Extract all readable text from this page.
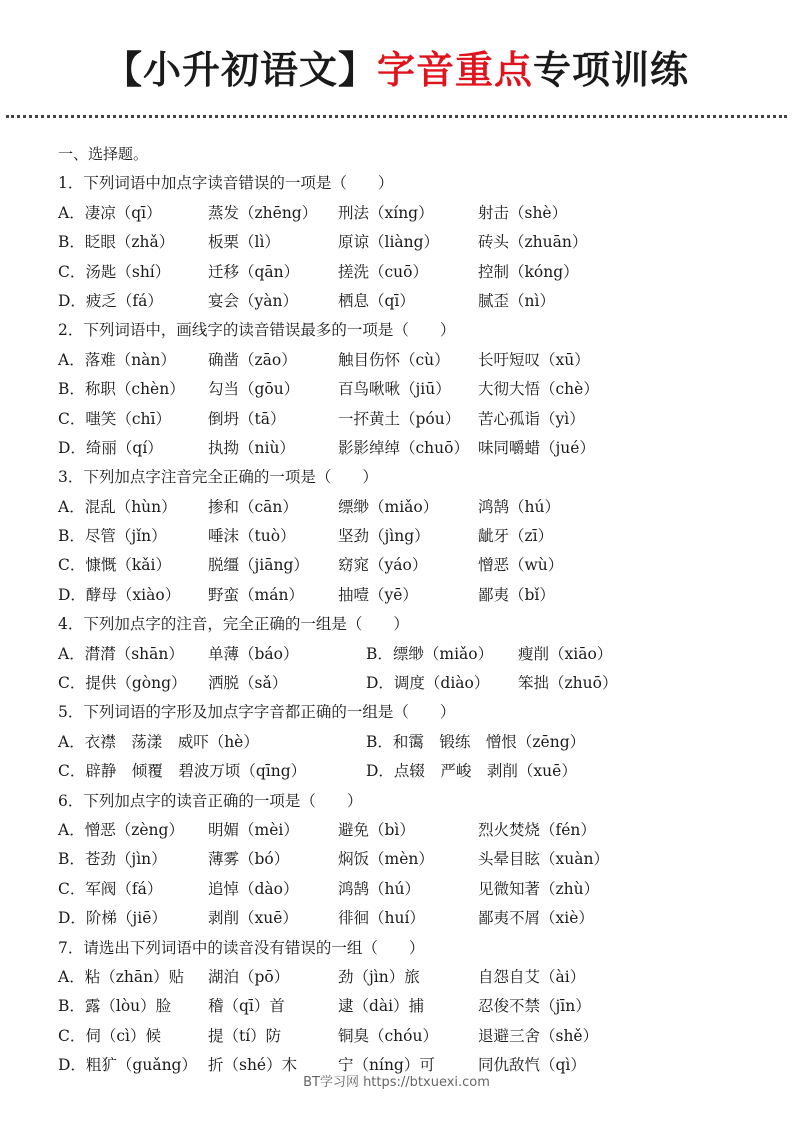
【小升初语文】字音重点专项训练
一、选择题。
1．下列词语中加点字读音错误的一项是（　　）
A．凄凉（qī）	蒸发（zhēng） 刑法（xíng）	射击（shè）
B．眨眼（zhǎ） 板栗（lì）	原谅（liàng）	砖头（zhuān）
C．汤匙（shí） 迁移（qān）	搓洗（cuō）	控制（kóng）
D．疲乏（fá）	宴会（yàn）	栖息（qī）	腻歪（nì）
2．下列词语中，画线字的读音错误最多的一项是（　　）
A．落难（nàn） 确凿（zāo）	触目伤怀（cù） 长吁短叹（xū）
B．称职（chèn） 勾当（gōu）	百鸟啾啾（jiū） 大彻大悟（chè）
C．嗤笑（chī） 倒坍（tā）	一抔黄土（póu） 苦心孤诣（yì）
D．绮丽（qí）	执拗（niù）	影影绰绰（chuō） 味同嚼蜡（jué）
3．下列加点字注音完全正确的一项是（　　）
A．混乱（hùn） 掺和（cān）	缥缈（miǎo）	鸿鹄（hú）
B．尽管（jǐn）	唾沫（tuò）	坚劲（jìng）	龇牙（zī）
C．慷慨（kǎi） 脱缰（jiāng） 窈窕（yáo）	憎恶（wù）
D．酵母（xiào） 野蛮（mán） 抽噎（yē）	鄙夷（bǐ）
4．下列加点字的注音，完全正确的一组是（　　）
A．潸潸（shān） 单薄（báo）	B．缥缈（miǎo） 瘦削（xiāo）
C．提供（gòng） 洒脱（sǎ）	D．调度（diào） 笨拙（zhuō）
5．下列词语的字形及加点字字音都正确的一组是（　　）
A．衣襟　荡漾　威吓（hè）	B．和霭　锻练　憎恨（zēng）
C．辟静　倾覆　碧波万顷（qīng）	D．点辍　严峻　剥削（xuē）
6．下列加点字的读音正确的一项是（　　）
A．憎恶（zèng） 明媚（mèi）	避免（bì）	烈火焚烧（fén）
B．苍劲（jìn）	薄雾（bó）	焖饭（mèn）	头晕目眩（xuàn）
C．军阀（fá）	追悼（dào）	鸿鹄（hú）	见微知著（zhù）
D．阶梯（jiē）	剥削（xuē）	徘徊（huí）	鄙夷不屑（xiè）
7．请选出下列词语中的读音没有错误的一组（　　）
A．粘（zhān）贴 湖泊（pō）	劲（jìn）旅	自怨自艾（ài）
B．露（lòu）脸 稽（qī）首	逮（dài）捕	忍俊不禁（jīn）
C．伺（cì）候	提（tí）防	铜臭（chóu）	退避三舍（shě）
D．粗犷（guǎng） 折（shé）木	宁（níng）可	同仇敌忾（qì）
BT学习网 https://btxuexi.com
